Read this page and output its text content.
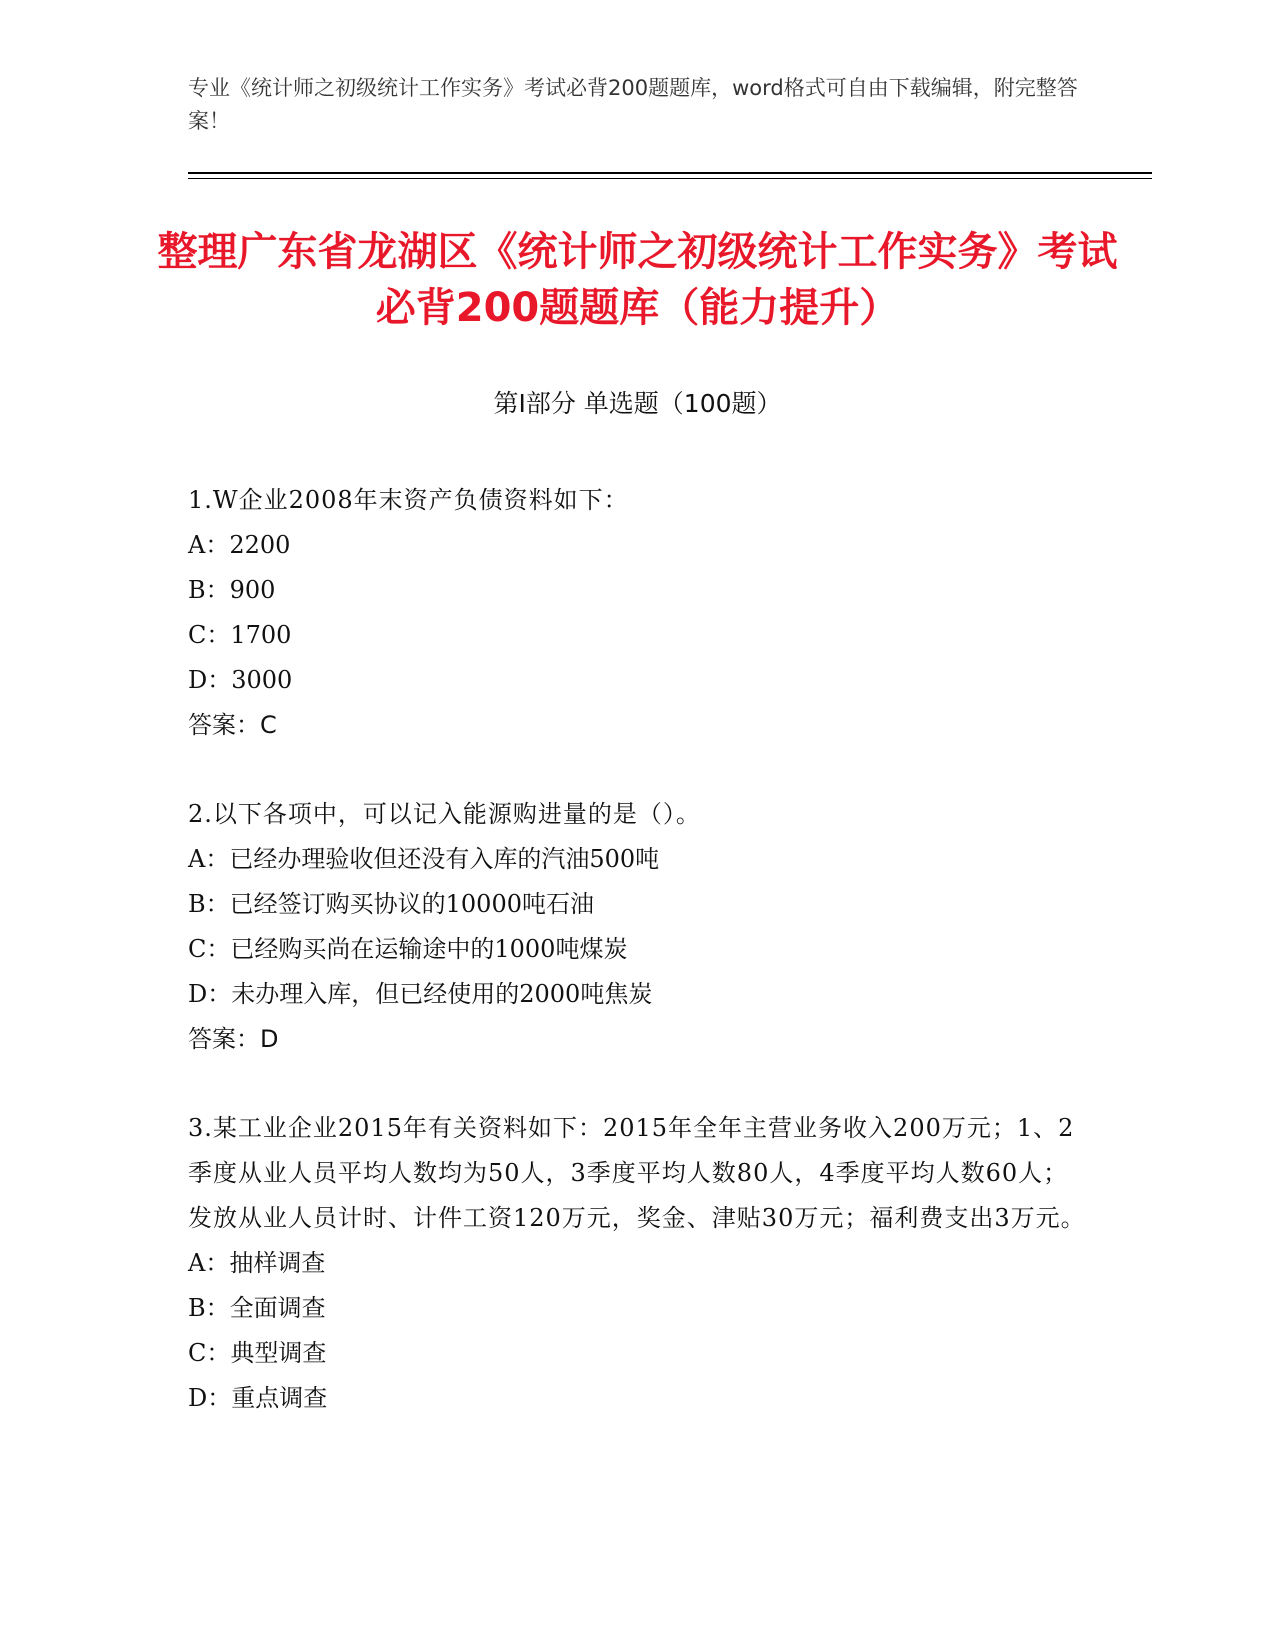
专业《统计师之初级统计工作实务》考试必背200题题库，word格式可自由下载编辑，附完整答案！
整理广东省龙湖区《统计师之初级统计工作实务》考试必背200题题库（能力提升）
第I部分 单选题（100题）
1.W企业2008年末资产负债资料如下：
A：2200
B：900
C：1700
D：3000
答案：C
2.以下各项中，可以记入能源购进量的是（）。
A：已经办理验收但还没有入库的汽油500吨
B：已经签订购买协议的10000吨石油
C：已经购买尚在运输途中的1000吨煤炭
D：未办理入库，但已经使用的2000吨焦炭
答案：D
3.某工业企业2015年有关资料如下：2015年全年主营业务收入200万元；1、2季度从业人员平均人数均为50人，3季度平均人数80人，4季度平均人数60人；发放从业人员计时、计件工资120万元，奖金、津贴30万元；福利费支出3万元。
A：抽样调查
B：全面调查
C：典型调查
D：重点调查
